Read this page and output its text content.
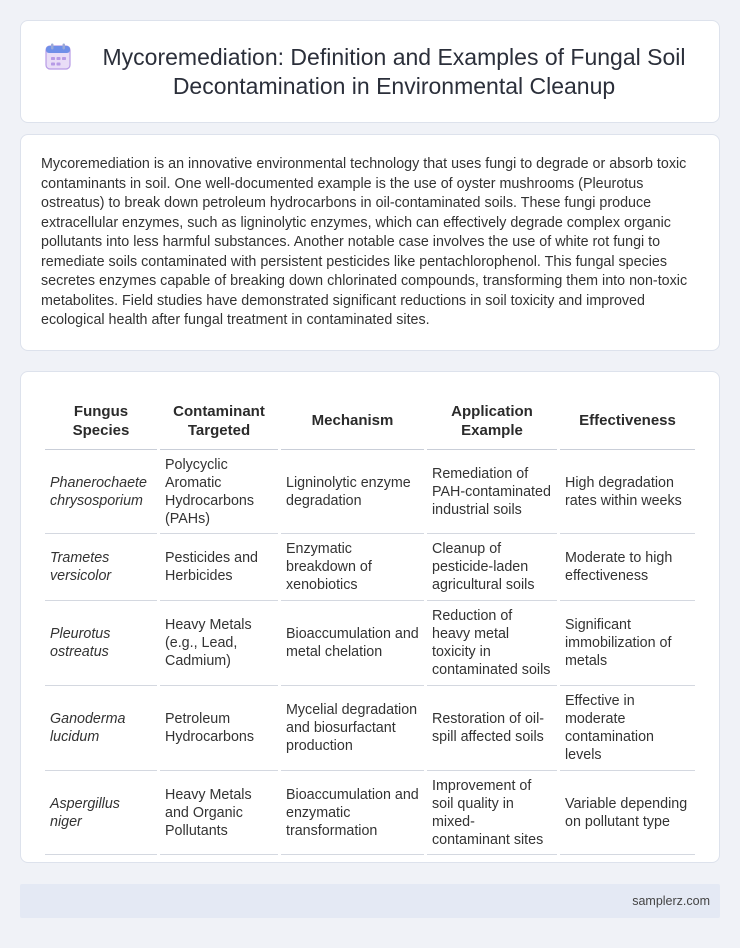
Mycoremediation: Definition and Examples of Fungal Soil Decontamination in Environmental Cleanup

Mycoremediation is an innovative environmental technology that uses fungi to degrade or absorb toxic contaminants in soil. One well-documented example is the use of oyster mushrooms (Pleurotus ostreatus) to break down petroleum hydrocarbons in oil-contaminated soils. These fungi produce extracellular enzymes, such as ligninolytic enzymes, which can effectively degrade complex organic pollutants into less harmful substances. Another notable case involves the use of white rot fungi to remediate soils contaminated with persistent pesticides like pentachlorophenol. This fungal species secretes enzymes capable of breaking down chlorinated compounds, transforming them into non-toxic metabolites. Field studies have demonstrated significant reductions in soil toxicity and improved ecological health after fungal treatment in contaminated sites.

Fungus Species	Contaminant Targeted	Mechanism	Application Example	Effectiveness
Phanerochaete chrysosporium	Polycyclic Aromatic Hydrocarbons (PAHs)	Ligninolytic enzyme degradation	Remediation of PAH-contaminated industrial soils	High degradation rates within weeks
Trametes versicolor	Pesticides and Herbicides	Enzymatic breakdown of xenobiotics	Cleanup of pesticide-laden agricultural soils	Moderate to high effectiveness
Pleurotus ostreatus	Heavy Metals (e.g., Lead, Cadmium)	Bioaccumulation and metal chelation	Reduction of heavy metal toxicity in contaminated soils	Significant immobilization of metals
Ganoderma lucidum	Petroleum Hydrocarbons	Mycelial degradation and biosurfactant production	Restoration of oil-spill affected soils	Effective in moderate contamination levels
Aspergillus niger	Heavy Metals and Organic Pollutants	Bioaccumulation and enzymatic transformation	Improvement of soil quality in mixed-contaminant sites	Variable depending on pollutant type
samplerz.com
